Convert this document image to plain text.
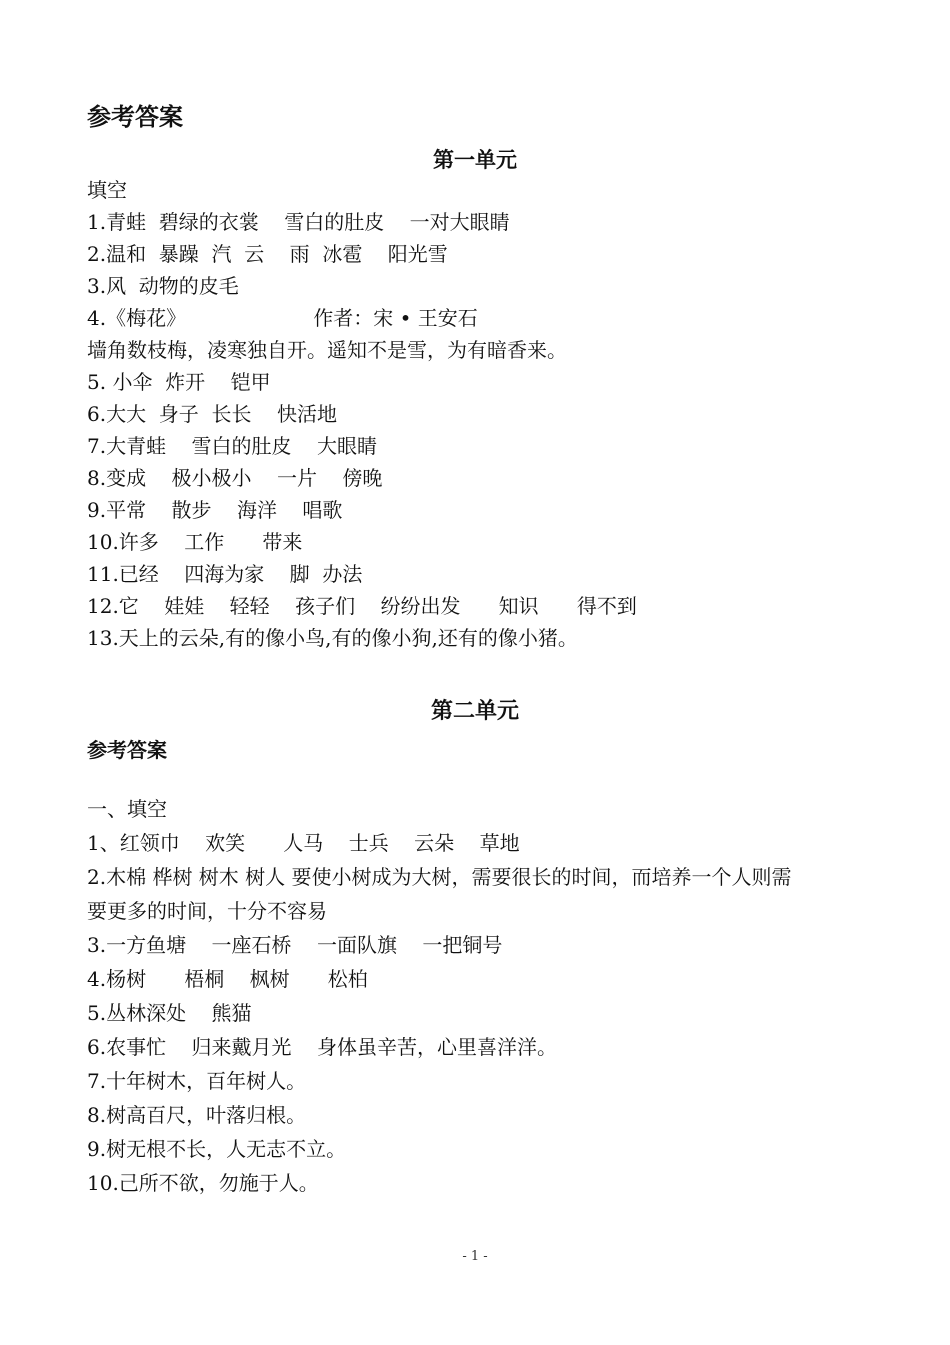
参考答案
第一单元
填空
1.青蛙  碧绿的衣裳    雪白的肚皮    一对大眼睛
2.温和  暴躁  汽  云    雨  冰雹    阳光雪
3.风  动物的皮毛
4.《梅花》                    作者：宋 • 王安石
墙角数枝梅，凌寒独自开。遥知不是雪，为有暗香来。
5. 小伞  炸开    铠甲
6.大大  身子  长长    快活地
7.大青蛙    雪白的肚皮    大眼睛
8.变成    极小极小    一片    傍晚
9.平常    散步    海洋    唱歌
10.许多    工作      带来
11.已经    四海为家    脚  办法
12.它    娃娃    轻轻    孩子们    纷纷出发      知识      得不到
13.天上的云朵,有的像小鸟,有的像小狗,还有的像小猪。
第二单元
参考答案
一、填空
1、红领巾    欢笑      人马    士兵    云朵    草地
2.木棉 桦树 树木 树人 要使小树成为大树，需要很长的时间，而培养一个人则需要更多的时间，十分不容易
3.一方鱼塘    一座石桥    一面队旗    一把铜号
4.杨树      梧桐    枫树      松柏
5.丛林深处    熊猫
6.农事忙    归来戴月光    身体虽辛苦，心里喜洋洋。
7.十年树木，百年树人。
8.树高百尺，叶落归根。
9.树无根不长，人无志不立。
10.己所不欲，勿施于人。
- 1 -
